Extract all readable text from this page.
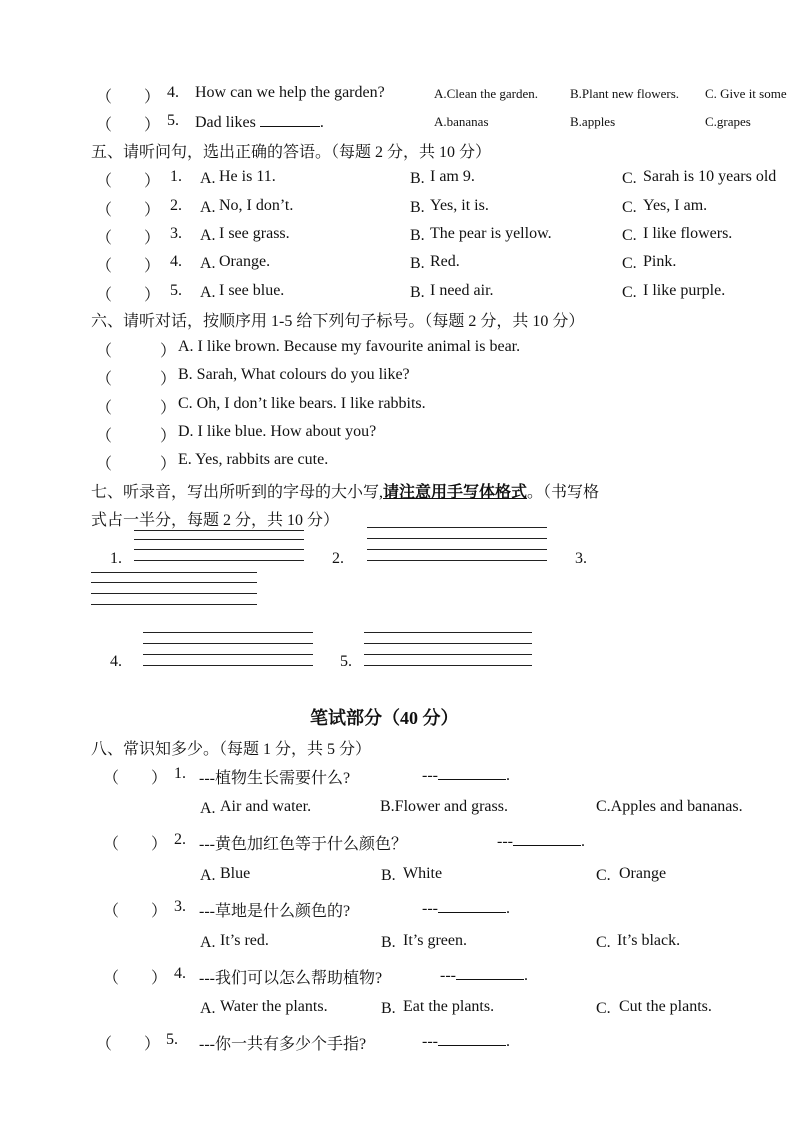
（　　） 4. How can we help the garden?	A.Clean the garden. B.Plant new flowers. C. Give it some
（　　） 5. Dad likes	.	A.bananas	B.apples	C.grapes
五、请听问句，选出正确的答语。（每题 2 分，共 10 分）
（　　） 1. A. He is 11.	B. I am 9.	C. Sarah is 10 years old
（　　） 2. A. No, I don’t.	B. Yes, it is.	C. Yes, I am.
（　　） 3. A. I see grass.	B. The pear is yellow.	C. I like flowers.
（　　） 4. A. Orange.	B. Red.	C. Pink.
（　　） 5. A. I see blue.	B. I need air.	C. I like purple.
六、请听对话，按顺序用 1-5 给下列句子标号。（每题 2 分，共 10 分）
（　　　） A. I like brown. Because my favourite animal is bear.
（　　　） B. Sarah, What colours do you like?
（　　　） C. Oh, I don’t like bears. I like rabbits.
（　　　） D. I like blue. How about you?
（　　　） E. Yes, rabbits are cute.
七、听录音，写出所听到的字母的大小写,请注意用手写体格式。（书写格
式占一半分，每题 2 分，共 10 分）
1.	2.	3.
4.	5.
笔试部分（40 分）
八、常识知多少。（每题 1 分，共 5 分）
（　　） 1. ---植物生长需要什么?	---	.
A. Air and water.	B.Flower and grass.	C.Apples and bananas.
（　　） 2. ---黄色加红色等于什么颜色？	---	.
A. Blue	B. White	C. Orange
（　　） 3. ---草地是什么颜色的?	---	.
A. It’s red.	B. It’s green.	C. It’s black.
（　　） 4. ---我们可以怎么帮助植物?	---	.
A. Water the plants.	B. Eat the plants.	C. Cut the plants.
（　　） 5. ---你一共有多少个手指?	---	.
